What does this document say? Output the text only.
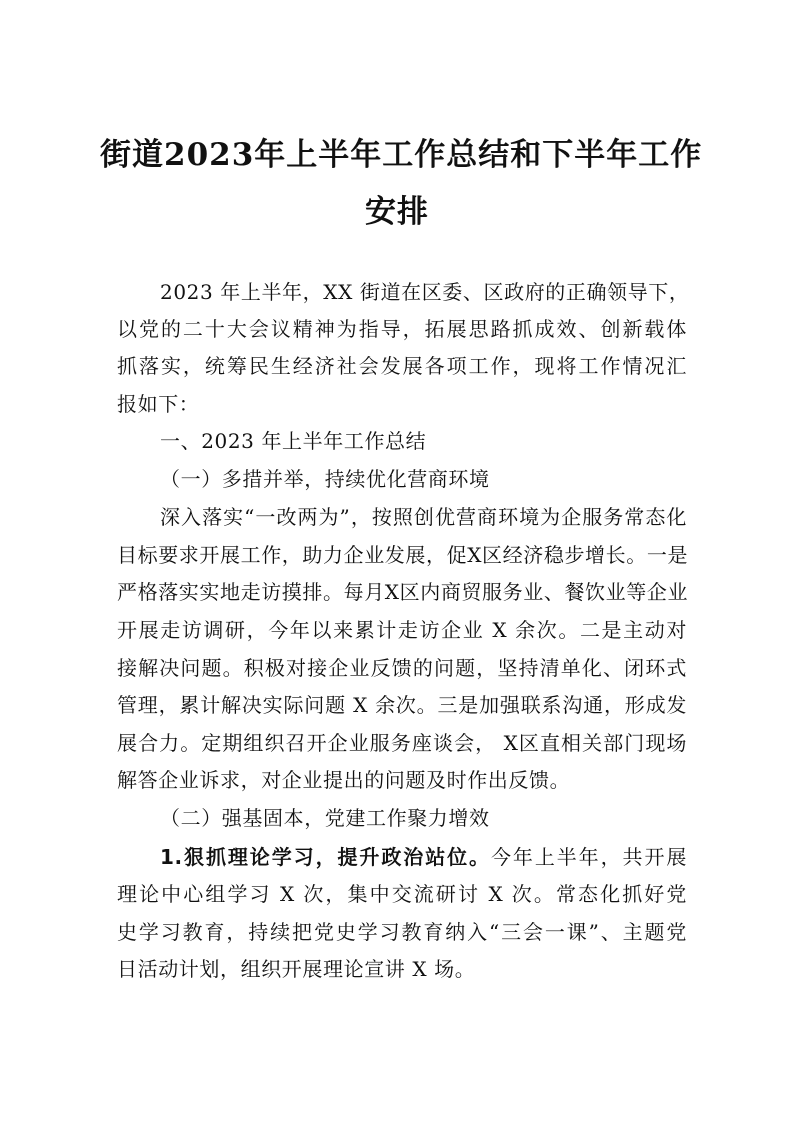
街道2023年上半年工作总结和下半年工作
安排
2023 年上半年，XX 街道在区委、区政府的正确领导下，
以党的二十大会议精神为指导，拓展思路抓成效、创新载体
抓落实，统筹民生经济社会发展各项工作，现将工作情况汇
报如下：
一、2023 年上半年工作总结
（一）多措并举，持续优化营商环境
深入落实“一改两为”，按照创优营商环境为企服务常态化
目标要求开展工作，助力企业发展，促X区经济稳步增长。一是
严格落实实地走访摸排。每月X区内商贸服务业、餐饮业等企业
开展走访调研，今年以来累计走访企业 X 余次。二是主动对
接解决问题。积极对接企业反馈的问题，坚持清单化、闭环式
管理，累计解决实际问题 X 余次。三是加强联系沟通，形成发
展合力。定期组织召开企业服务座谈会， X区直相关部门现场
解答企业诉求，对企业提出的问题及时作出反馈。
（二）强基固本，党建工作聚力增效
1.狠抓理论学习，提升政治站位。今年上半年，共开展
理论中心组学习 X 次，集中交流研讨 X 次。常态化抓好党
史学习教育，持续把党史学习教育纳入“三会一课”、主题党
日活动计划，组织开展理论宣讲 X 场。
